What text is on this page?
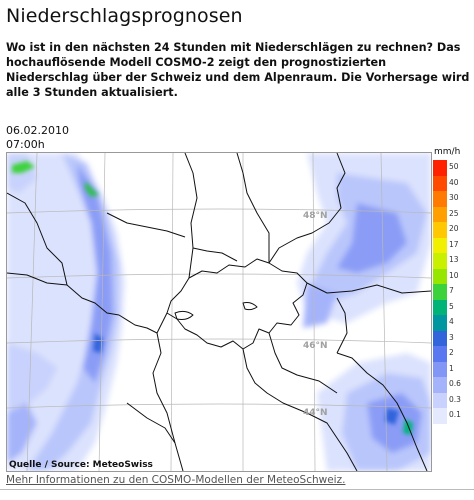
Niederschlagsprognosen
Wo ist in den nächsten 24 Stunden mit Niederschlägen zu rechnen? Das hochauflösende Modell COSMO-2 zeigt den prognostizierten Niederschlag über der Schweiz und dem Alpenraum. Die Vorhersage wird alle 3 Stunden aktualisiert.
06.02.2010
07:00h
48°N
46°N
44°N
Quelle / Source: MeteoSwiss
mm/h
50
40
30
25
20
17
13
10
7
5
4
3
2
1
0.6
0.3
0.1
Mehr Informationen zu den COSMO-Modellen der MeteoSchweiz.
